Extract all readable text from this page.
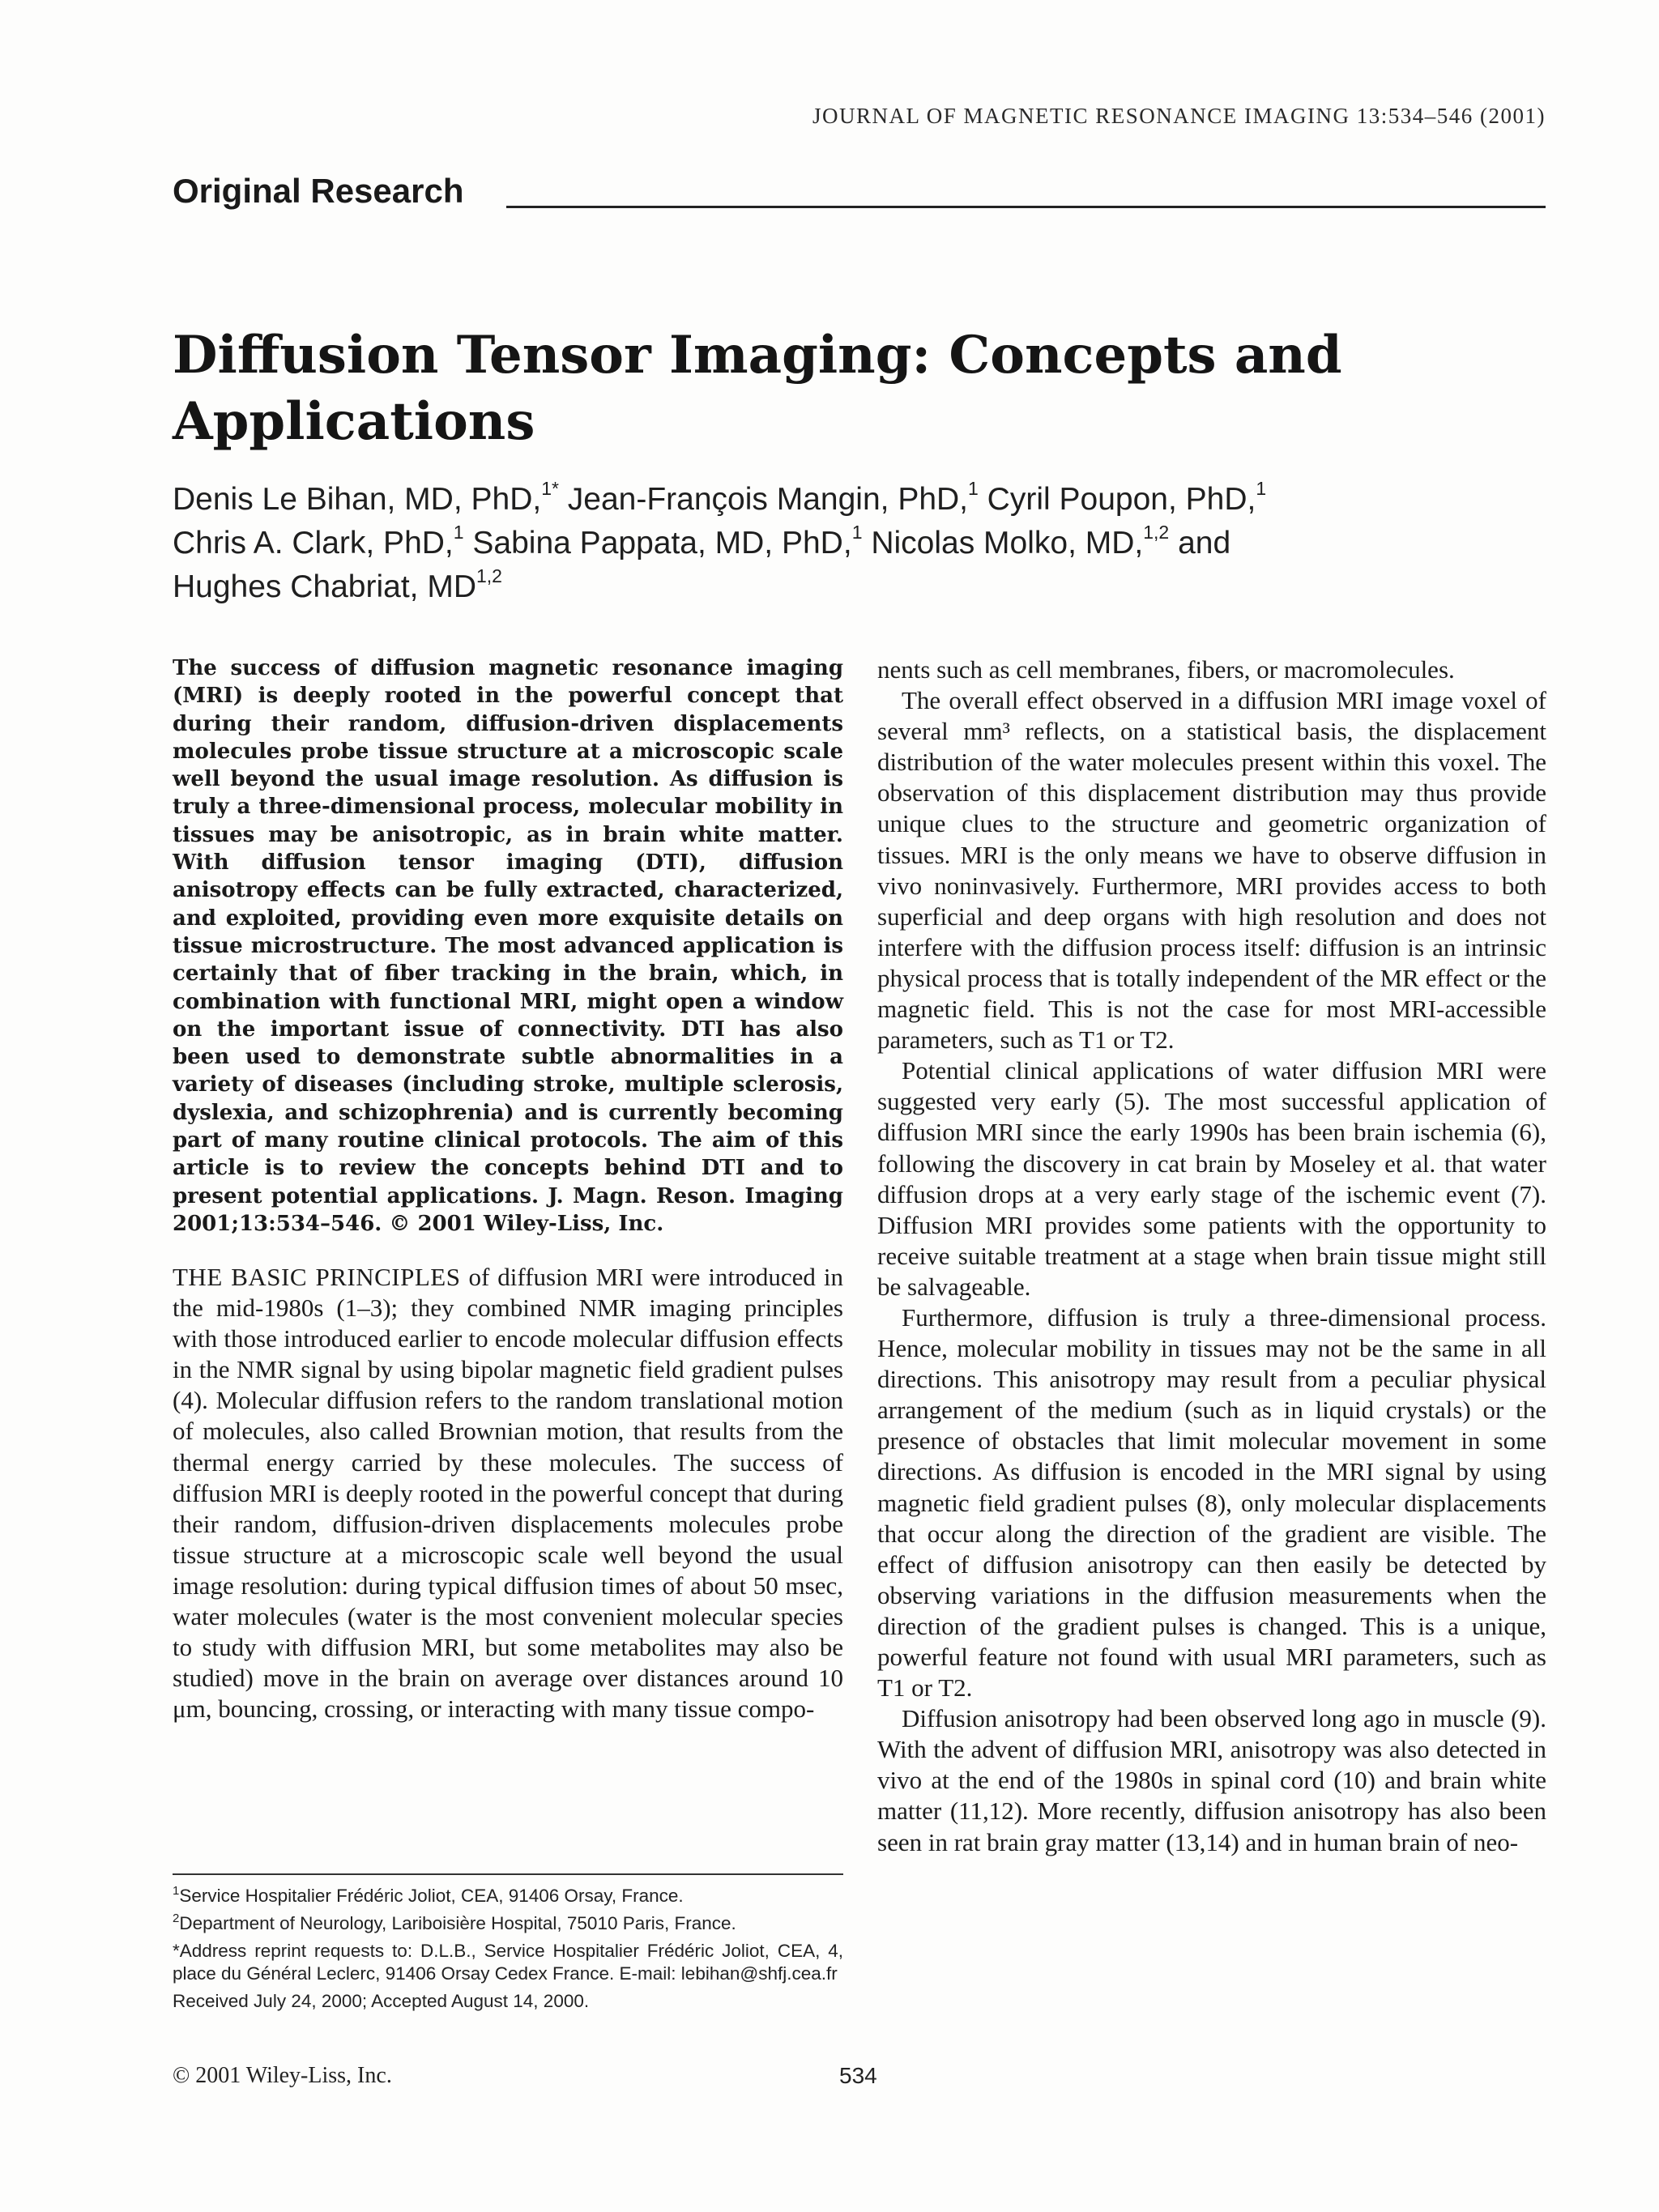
JOURNAL OF MAGNETIC RESONANCE IMAGING 13:534–546 (2001)
Original Research
Diffusion Tensor Imaging: Concepts and Applications

Denis Le Bihan, MD, PhD,$^{1*}$ Jean-François Mangin, PhD,$^1$ Cyril Poupon, PhD,$^1$
Chris A. Clark, PhD,$^1$ Sabina Pappata, MD, PhD,$^1$ Nicolas Molko, MD,$^{1,2}$ and
Hughes Chabriat, MD$^{1,2}$

The success of diffusion magnetic resonance imaging (MRI) is deeply rooted in the powerful concept that during their random, diffusion-driven displacements molecules probe tissue structure at a microscopic scale well beyond the usual image resolution. As diffusion is truly a three-dimensional process, molecular mobility in tissues may be anisotropic, as in brain white matter. With diffusion tensor imaging (DTI), diffusion anisotropy effects can be fully extracted, characterized, and exploited, providing even more exquisite details on tissue microstructure. The most advanced application is certainly that of fiber tracking in the brain, which, in combination with functional MRI, might open a window on the important issue of connectivity. DTI has also been used to demonstrate subtle abnormalities in a variety of diseases (including stroke, multiple sclerosis, dyslexia, and schizophrenia) and is currently becoming part of many routine clinical protocols. The aim of this article is to review the concepts behind DTI and to present potential applications. J. Magn. Reson. Imaging 2001;13:534–546. © 2001 Wiley-Liss, Inc.

THE BASIC PRINCIPLES of diffusion MRI were introduced in the mid-1980s (1–3); they combined NMR imaging principles with those introduced earlier to encode molecular diffusion effects in the NMR signal by using bipolar magnetic field gradient pulses (4). Molecular diffusion refers to the random translational motion of molecules, also called Brownian motion, that results from the thermal energy carried by these molecules. The success of diffusion MRI is deeply rooted in the powerful concept that during their random, diffusion-driven displacements molecules probe tissue structure at a microscopic scale well beyond the usual image resolution: during typical diffusion times of about 50 msec, water molecules (water is the most convenient molecular species to study with diffusion MRI, but some metabolites may also be studied) move in the brain on average over distances around 10 μm, bouncing, crossing, or interacting with many tissue compo-

nents such as cell membranes, fibers, or macromolecules.

The overall effect observed in a diffusion MRI image voxel of several mm³ reflects, on a statistical basis, the displacement distribution of the water molecules present within this voxel. The observation of this displacement distribution may thus provide unique clues to the structure and geometric organization of tissues. MRI is the only means we have to observe diffusion in vivo noninvasively. Furthermore, MRI provides access to both superficial and deep organs with high resolution and does not interfere with the diffusion process itself: diffusion is an intrinsic physical process that is totally independent of the MR effect or the magnetic field. This is not the case for most MRI-accessible parameters, such as T1 or T2.

Potential clinical applications of water diffusion MRI were suggested very early (5). The most successful application of diffusion MRI since the early 1990s has been brain ischemia (6), following the discovery in cat brain by Moseley et al. that water diffusion drops at a very early stage of the ischemic event (7). Diffusion MRI provides some patients with the opportunity to receive suitable treatment at a stage when brain tissue might still be salvageable.

Furthermore, diffusion is truly a three-dimensional process. Hence, molecular mobility in tissues may not be the same in all directions. This anisotropy may result from a peculiar physical arrangement of the medium (such as in liquid crystals) or the presence of obstacles that limit molecular movement in some directions. As diffusion is encoded in the MRI signal by using magnetic field gradient pulses (8), only molecular displacements that occur along the direction of the gradient are visible. The effect of diffusion anisotropy can then easily be detected by observing variations in the diffusion measurements when the direction of the gradient pulses is changed. This is a unique, powerful feature not found with usual MRI parameters, such as T1 or T2.

Diffusion anisotropy had been observed long ago in muscle (9). With the advent of diffusion MRI, anisotropy was also detected in vivo at the end of the 1980s in spinal cord (10) and brain white matter (11,12). More recently, diffusion anisotropy has also been seen in rat brain gray matter (13,14) and in human brain of neo-

$^1$Service Hospitalier Frédéric Joliot, CEA, 91406 Orsay, France.

$^2$Department of Neurology, Lariboisière Hospital, 75010 Paris, France.

*Address reprint requests to: D.L.B., Service Hospitalier Frédéric Joliot, CEA, 4, place du Général Leclerc, 91406 Orsay Cedex France. E-mail: lebihan@shfj.cea.fr

Received July 24, 2000; Accepted August 14, 2000.

© 2001 Wiley-Liss, Inc.	534
